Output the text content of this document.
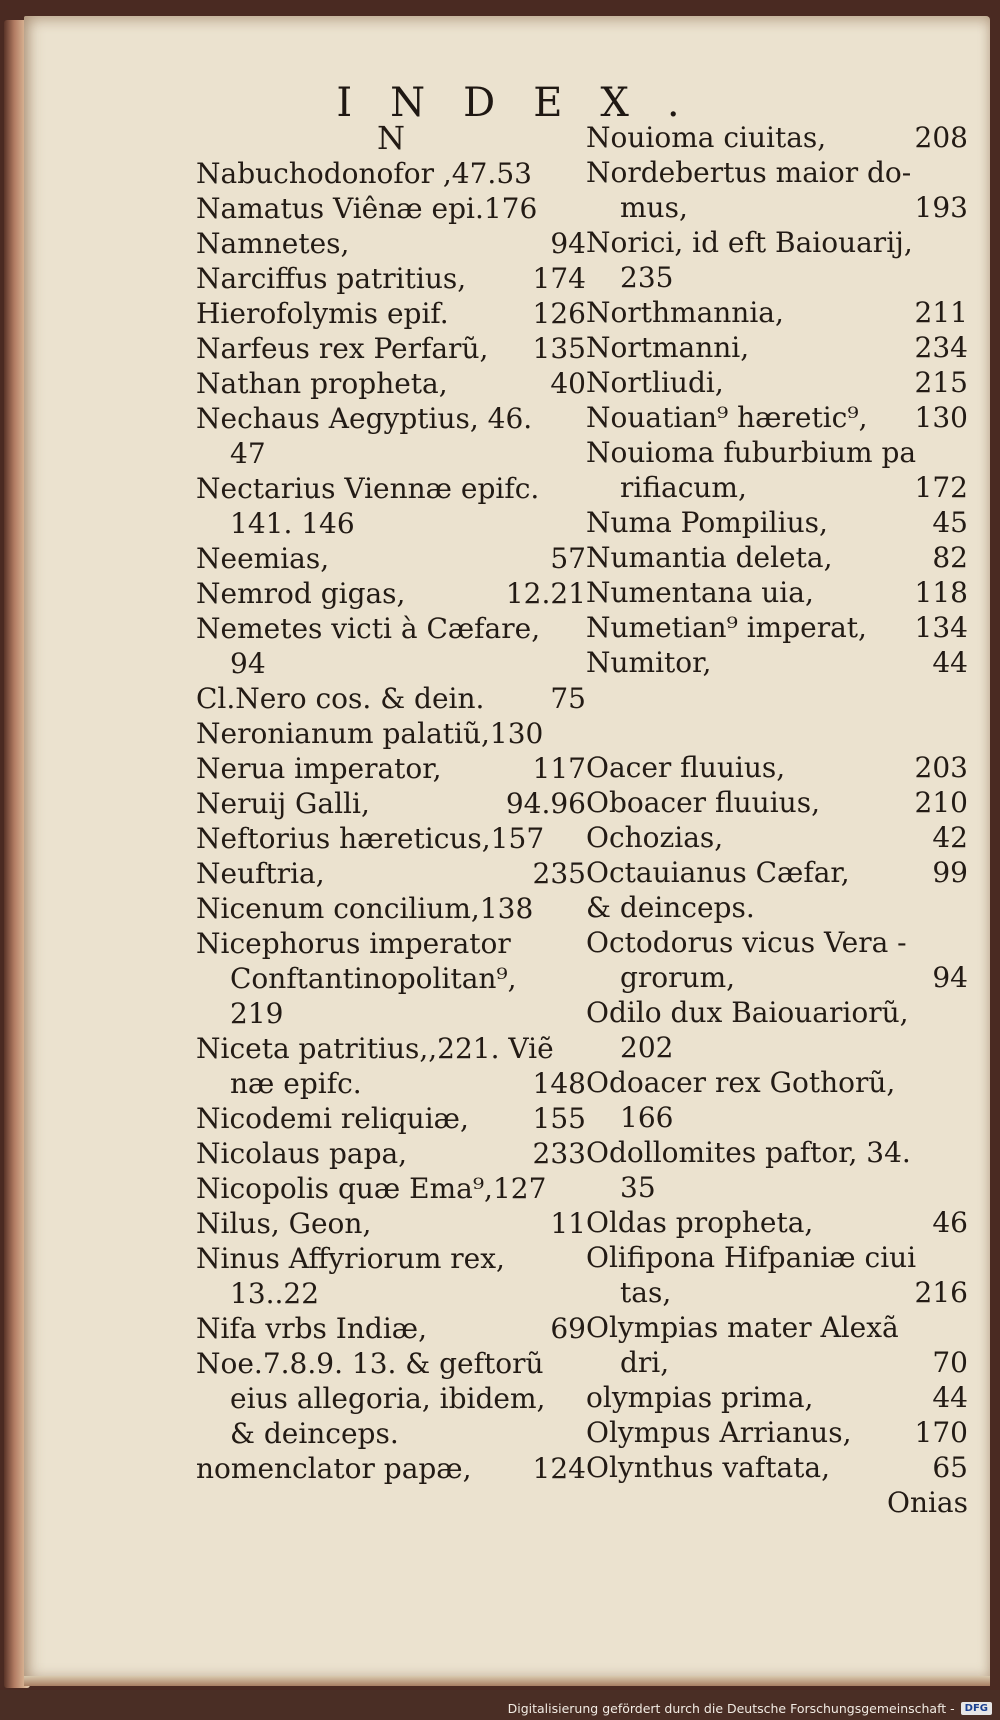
INDEX.
N
Nabuchodonofor ,47.53
Namatus Viênæ epi.176
Namnetes,	94
Narciffus patritius, 174
Hierofolymis epif.	126
Narfeus rex Perfarũ, 135
Nathan propheta,	40
Nechaus Aegyptius, 46.
47
Nectarius Viennæ epifc.
141. 146
Neemias,	57
Nemrod gigas,	12.21
Nemetes victi à Cæfare,
94
Cl.Nero cos. & dein. 75
Neronianum palatiũ,130
Nerua imperator,	117
Neruij Galli,	94.96
Neftorius hæreticus,157
Neuftria,	235
Nicenum concilium,138
Nicephorus imperator
Conftantinopolitan⁹,
219
Niceta patritius,,221. Viẽ
næ epifc.	148
Nicodemi reliquiæ, 155
Nicolaus papa,	233
Nicopolis quæ Ema⁹,127
Nilus, Geon,	11
Ninus Affyriorum rex,
13..22
Nifa vrbs Indiæ,	69
Noe.7.8.9. 13. & geftorũ
eius allegoria, ibidem,
& deinceps.
nomenclator papæ, 124
Nouioma ciuitas,	208
Nordebertus maior do-
mus,	193
Norici, id eft Baiouarij,
235
Northmannia,	211
Nortmanni,	234
Nortliudi,	215
Nouatian⁹ hæretic⁹, 130
Nouioma fuburbium pa
rifiacum,	172
Numa Pompilius,	45
Numantia deleta,	82
Numentana uia,	118
Numetian⁹ imperat, 134
Numitor,	44
Oacer fluuius,	203
Oboacer fluuius,	210
Ochozias,	42
Octauianus Cæfar,	99
& deinceps.
Octodorus vicus Vera -
grorum,	94
Odilo dux Baiouariorũ,
202
Odoacer rex Gothorũ,
166
Odollomites paftor, 34.
35
Oldas propheta,	46
Olifipona Hifpaniæ ciui
tas,	216
Olympias mater Alexã
dri,	70
olympias prima,	44
Olympus Arrianus, 170
Olynthus vaftata,	65
Onias
Digitalisierung gefördert durch die Deutsche Forschungsgemeinschaft -	DFG
